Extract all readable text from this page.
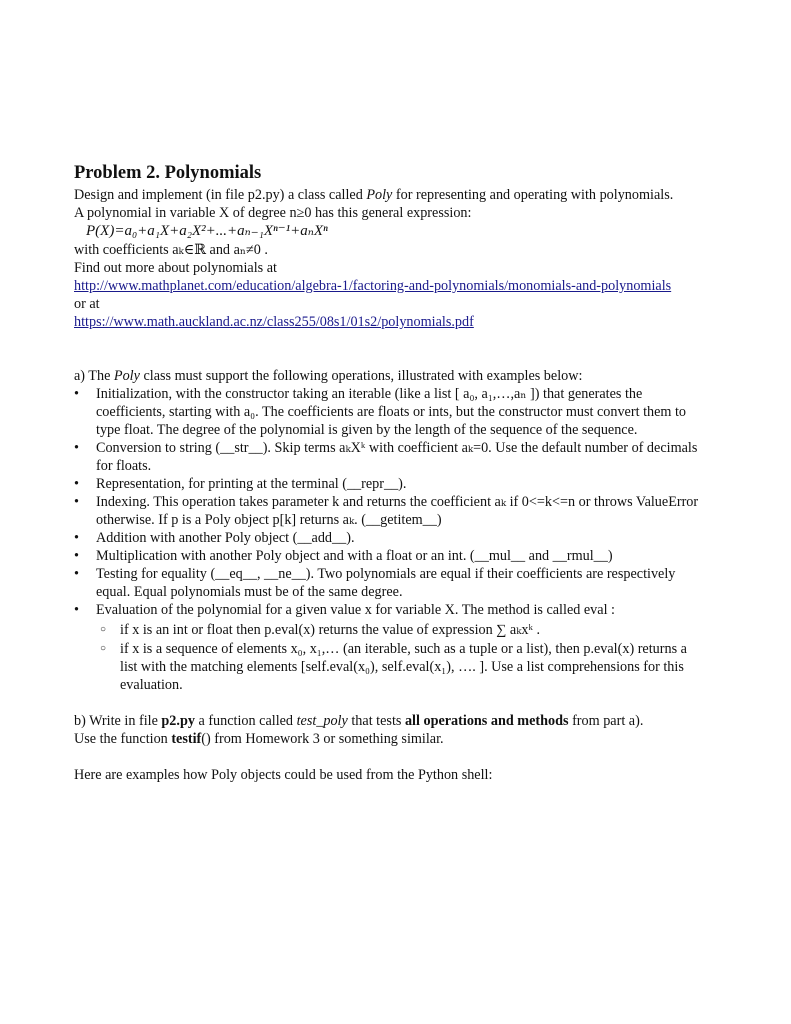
Problem 2. Polynomials

Design and implement (in file p2.py) a class called Poly for representing and operating with polynomials.

A polynomial in variable X of degree n≥0 has this general expression:

P(X)=a₀+a₁X+a₂X²+...+aₙ₋₁Xⁿ⁻¹+aₙXⁿ

with coefficients aₖ∈ℝ and aₙ≠0 .

Find out more about polynomials at

http://www.mathplanet.com/education/algebra-1/factoring-and-polynomials/monomials-and-polynomials

or at

https://www.math.auckland.ac.nz/class255/08s1/01s2/polynomials.pdf

a) The Poly class must support the following operations, illustrated with examples below:

• Initialization, with the constructor taking an iterable (like a list [ a₀, a₁,…,aₙ ]) that generates the coefficients, starting with a₀. The coefficients are floats or ints, but the constructor must convert them to type float. The degree of the polynomial is given by the length of the sequence of the sequence.
• Conversion to string (__str__). Skip terms aₖXᵏ with coefficient aₖ=0. Use the default number of decimals for floats.
• Representation, for printing at the terminal (__repr__).
• Indexing. This operation takes parameter k and returns the coefficient aₖ if 0<=k<=n or throws ValueError otherwise. If p is a Poly object p[k] returns aₖ. (__getitem__)
• Addition with another Poly object (__add__).
• Multiplication with another Poly object and with a float or an int. (__mul__ and __rmul__)
• Testing for equality (__eq__, __ne__). Two polynomials are equal if their coefficients are respectively equal. Equal polynomials must be of the same degree.
• Evaluation of the polynomial for a given value x for variable X. The method is called eval :
○ if x is an int or float then p.eval(x) returns the value of expression ∑ aₖxᵏ .
○ if x is a sequence of elements x₀, x₁,… (an iterable, such as a tuple or a list), then p.eval(x) returns a list with the matching elements [self.eval(x₀), self.eval(x₁), …. ]. Use a list comprehensions for this evaluation.

b) Write in file p2.py a function called test_poly that tests all operations and methods from part a).

Use the function testif() from Homework 3 or something similar.

Here are examples how Poly objects could be used from the Python shell:
